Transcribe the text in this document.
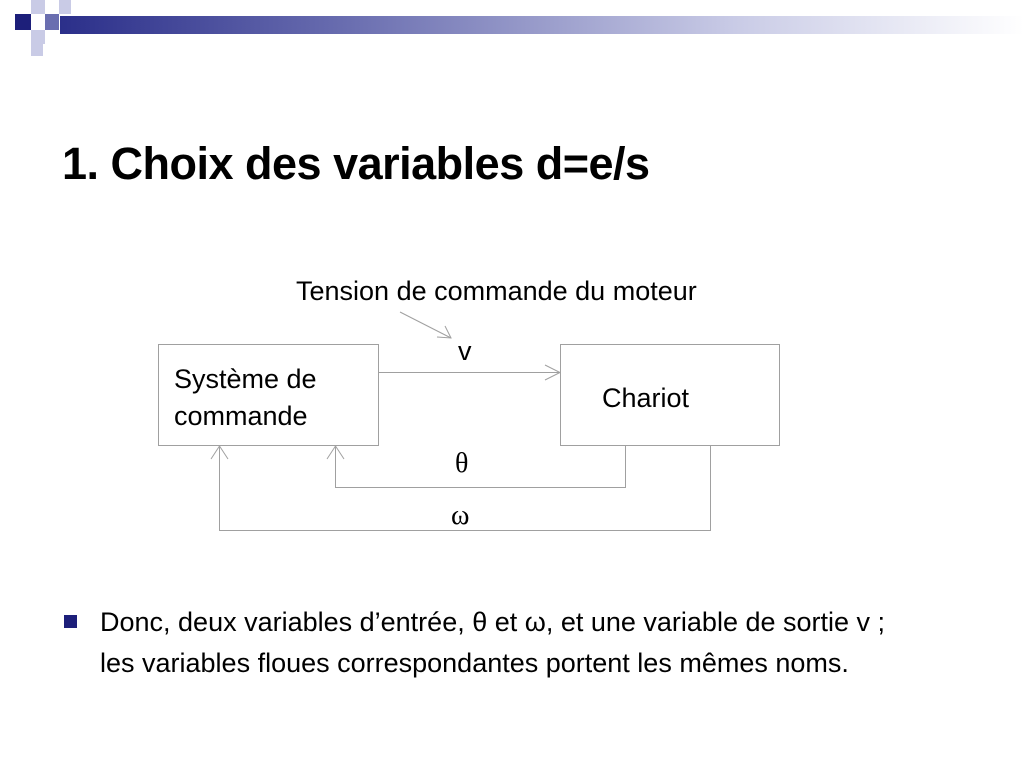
1. Choix des variables d=e/s
Tension de commande du moteur
Système de
commande
Chariot
v
θ
ω
Donc, deux variables d’entrée, θ et ω, et une variable de sortie v ; les variables floues correspondantes portent les mêmes noms.
